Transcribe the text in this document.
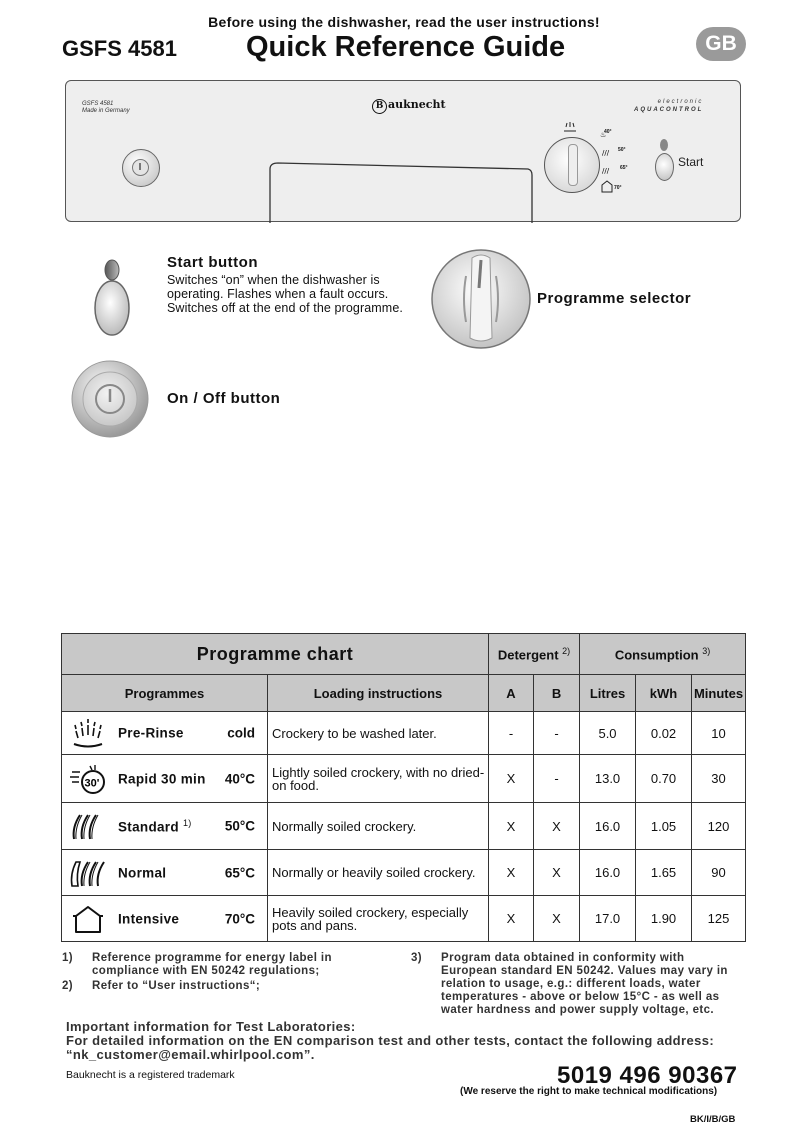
Before using the dishwasher, read the user instructions!
GSFS 4581 Quick Reference Guide	GB
GSFS 4581
Made in Germany	B auknecht	electronic
AQUACONTROL
40°
50°
65°
70°
♨
///
///
Start
Start button
Switches “on” when the dishwasher is operating. Flashes when a fault occurs. Switches off at the end of the programme.
Programme selector
On / Off button
Programme chart		Detergent $^{2)}$		Consumption $^{3)}$
Programmes	Loading instructions	A	B	Litres	kWh	Minutes

Pre-Rinse cold	Crockery to be washed later.	-	-	5.0	0.02	10

30' Rapid 30 min 40°C	Lightly soiled crockery, with no dried-on food.	X	-	13.0	0.70	30

Standard $^{1)}$ 50°C	Normally soiled crockery.	X	X	16.0	1.05	120

Normal 65°C	Normally or heavily soiled crockery.	X	X	16.0	1.65	90

Intensive 70°C	Heavily soiled crockery, especially pots and pans.	X	X	17.0	1.90	125
1) Reference programme for energy label in compliance with EN 50242 regulations;
2) Refer to “User instructions“;
3) Program data obtained in conformity with European standard EN 50242. Values may vary in relation to usage, e.g.: different loads, water temperatures - above or below 15°C - as well as water hardness and power supply voltage, etc.
Important information for Test Laboratories:
For detailed information on the EN comparison test and other tests, contact the following address:
“nk_customer@email.whirlpool.com”.
Bauknecht is a registered trademark	5019 496 90367
(We reserve the right to make technical modifications)
BK/I/B/GB
